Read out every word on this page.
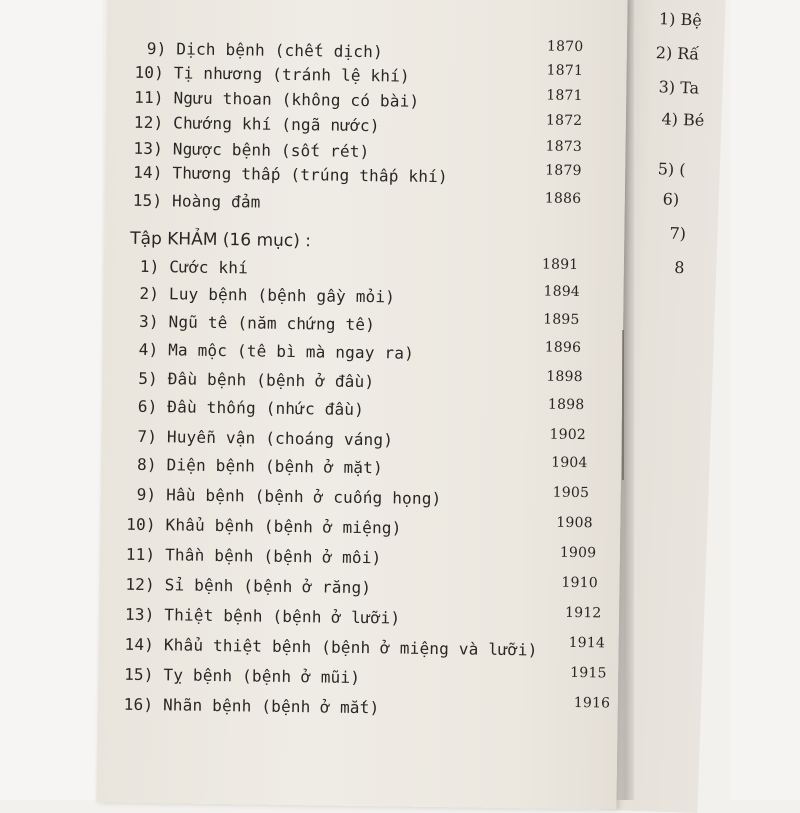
1) Bệ
2) Rấ
3) Ta
4) Bé
5) (
6)
7)
8
Tập KHẢM (16 mục) :
9) Dịch bệnh (chết dịch)	1870
10) Tị nhương (tránh lệ khí)	1871
11) Ngưu thoan (không có bài)	1871
12) Chướng khí (ngã nước)	1872
13) Ngược bệnh (sốt rét)	1873
14) Thương thấp (trúng thấp khí)	1879
15) Hoàng đảm	1886
1) Cước khí	1891
2) Luy bệnh (bệnh gầy mỏi)	1894
3) Ngũ tê (năm chứng tê)	1895
4) Ma mộc (tê bì mà ngay ra)	1896
5) Đầu bệnh (bệnh ở đầu)	1898
6) Đầu thống (nhức đầu)	1898
7) Huyễn vận (choáng váng)	1902
8) Diện bệnh (bệnh ở mặt)	1904
9) Hầu bệnh (bệnh ở cuống họng)	1905
10) Khẩu bệnh (bệnh ở miệng)	1908
11) Thần bệnh (bệnh ở môi)	1909
12) Sỉ bệnh (bệnh ở răng)	1910
13) Thiệt bệnh (bệnh ở lưỡi)	1912
14) Khẩu thiệt bệnh (bệnh ở miệng và lưỡi) 1914
15) Tỵ bệnh (bệnh ở mũi)	1915
16) Nhãn bệnh (bệnh ở mắt)	1916
